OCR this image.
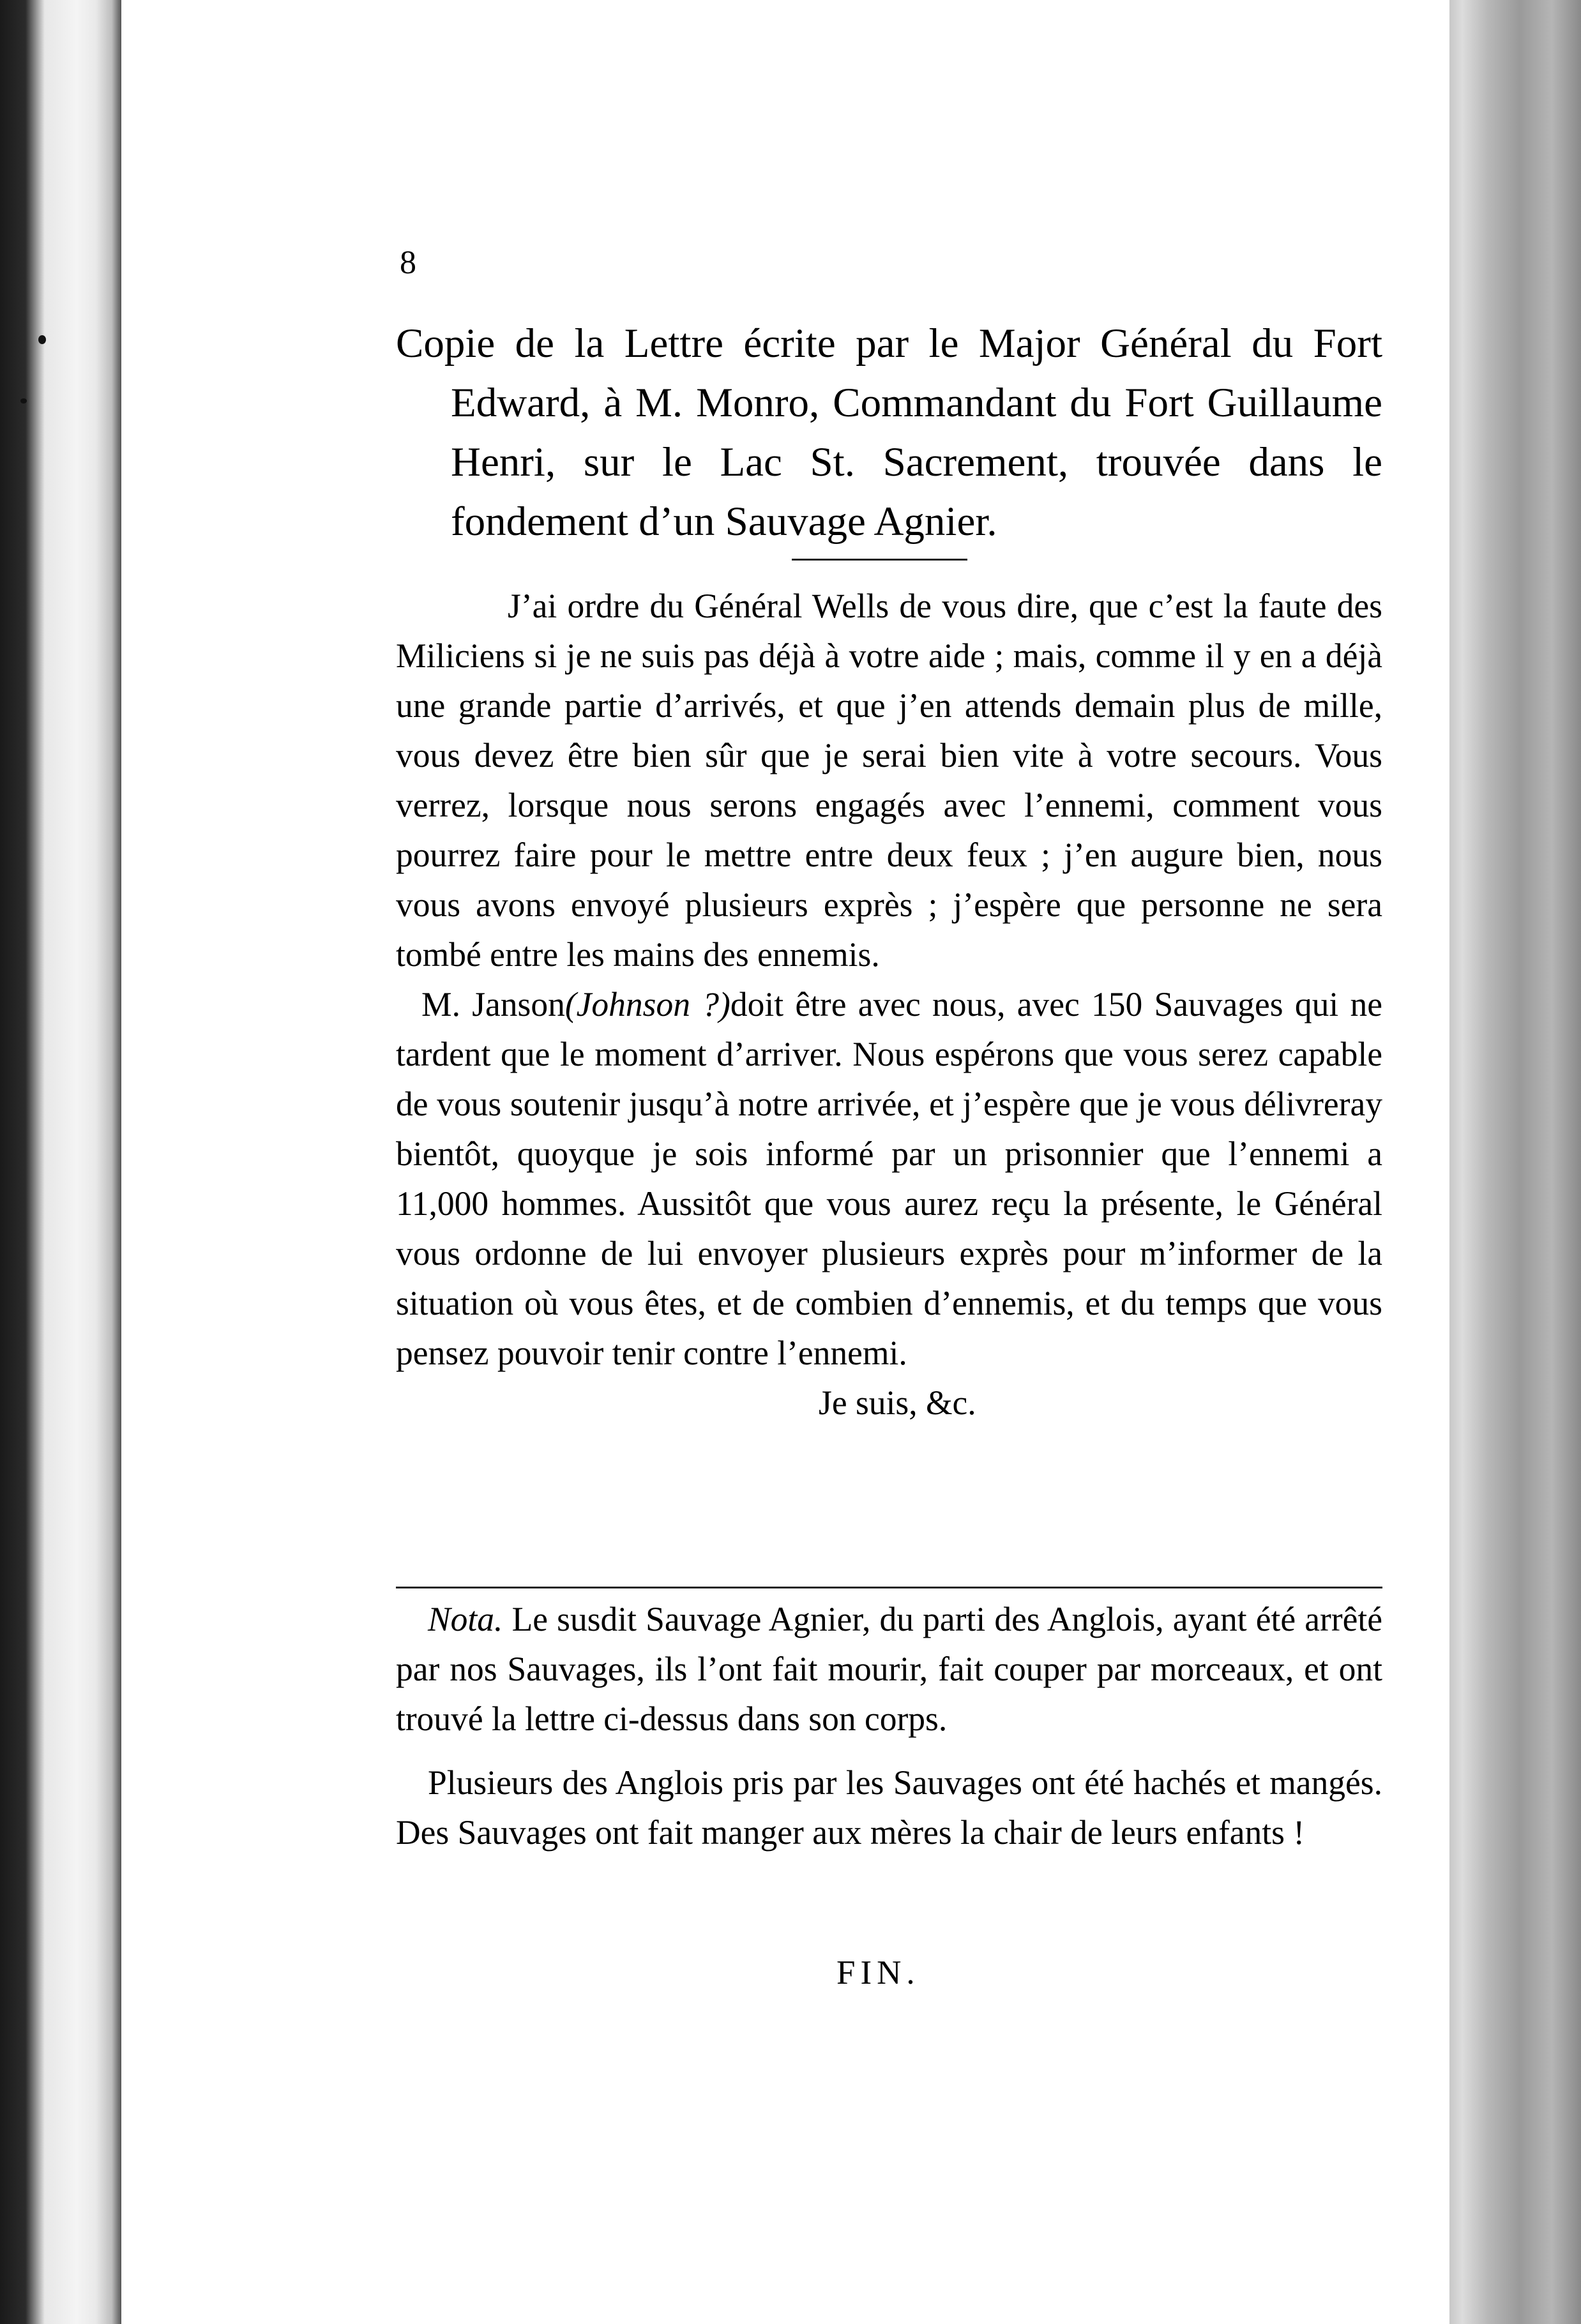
8
Copie de la Lettre écrite par le Major Général du Fort Edward, à M. Monro, Commandant du Fort Guillaume Henri, sur le Lac St. Sacrement, trouvée dans le fondement d’un Sauvage Agnier.

J’ai ordre du Général Wells de vous dire, que c’est la faute des Miliciens si je ne suis pas déjà à votre aide ; mais, comme il y en a déjà une grande partie d’arrivés, et que j’en attends demain plus de mille, vous devez être bien sûr que je serai bien vite à votre secours. Vous verrez, lorsque nous serons engagés avec l’ennemi, comment vous pourrez faire pour le mettre entre deux feux ; j’en augure bien, nous vous avons envoyé plusieurs exprès ; j’espère que personne ne sera tombé entre les mains des ennemis.

M. Janson(Johnson ?)doit être avec nous, avec 150 Sauvages qui ne tardent que le moment d’arriver. Nous espérons que vous serez capable de vous soutenir jusqu’à notre arrivée, et j’espère que je vous délivreray bientôt, quoyque je sois informé par un prisonnier que l’ennemi a 11,000 hommes. Aussitôt que vous aurez reçu la présente, le Général vous ordonne de lui envoyer plusieurs exprès pour m’informer de la situation où vous êtes, et de combien d’ennemis, et du temps que vous pensez pouvoir tenir contre l’ennemi.

Je suis, &c.

Nota. Le susdit Sauvage Agnier, du parti des Anglois, ayant été arrêté par nos Sauvages, ils l’ont fait mourir, fait couper par morceaux, et ont trouvé la lettre ci-dessus dans son corps.

Plusieurs des Anglois pris par les Sauvages ont été hachés et mangés. Des Sauvages ont fait manger aux mères la chair de leurs enfants !

FIN.
